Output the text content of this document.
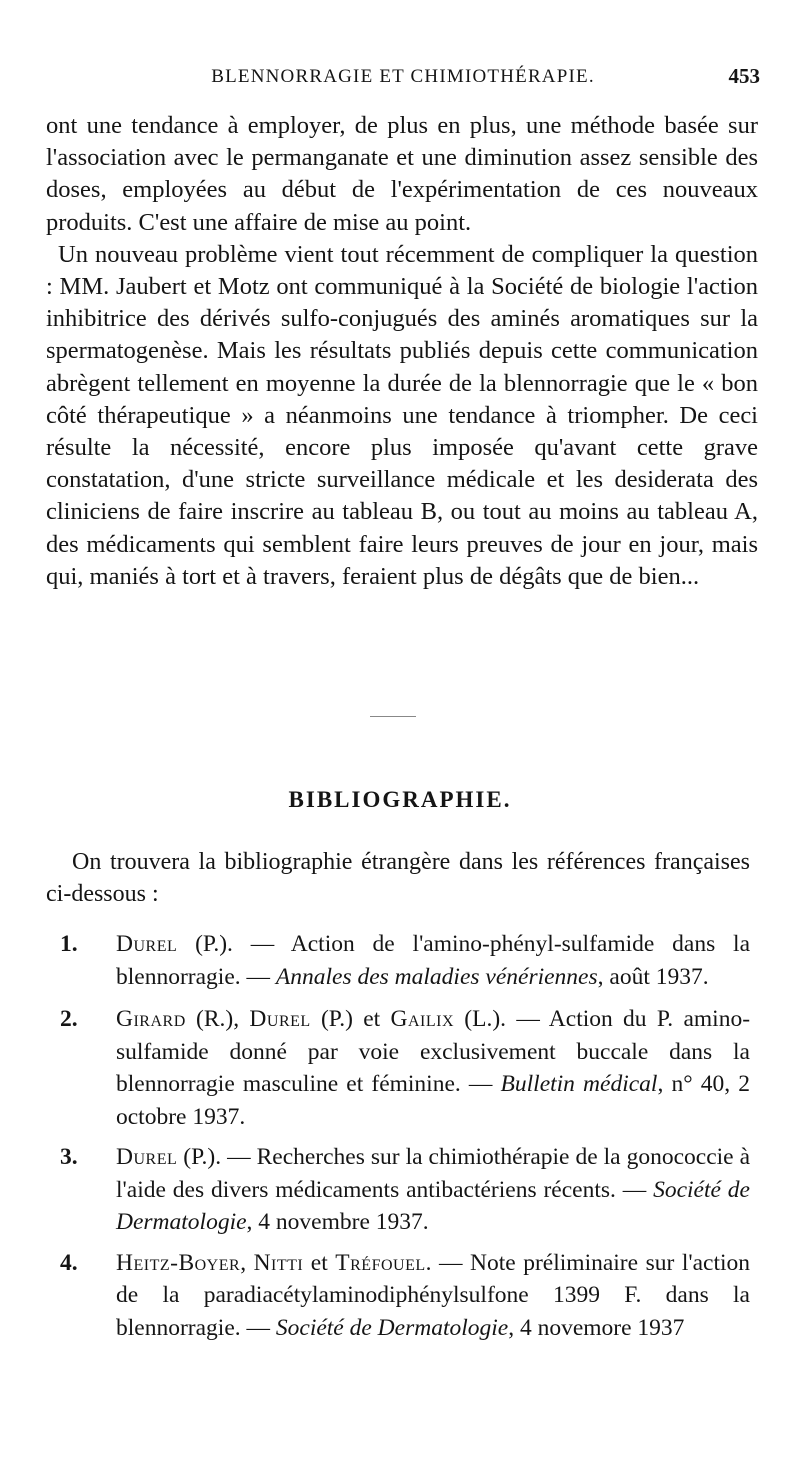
BLENNORRAGIE ET CHIMIOTHÉRAPIE.	453

ont une tendance à employer, de plus en plus, une méthode basée sur l'association avec le permanganate et une diminution assez sensible des doses, employées au début de l'expérimentation de ces nouveaux produits. C'est une affaire de mise au point.

Un nouveau problème vient tout récemment de compliquer la question : MM. Jaubert et Motz ont communiqué à la Société de biologie l'action inhibitrice des dérivés sulfo-conjugués des aminés aromatiques sur la spermatogenèse. Mais les résultats publiés depuis cette communication abrègent tellement en moyenne la durée de la blennorragie que le « bon côté thérapeutique » a néanmoins une tendance à triompher. De ceci résulte la nécessité, encore plus imposée qu'avant cette grave constatation, d'une stricte surveillance médicale et les desiderata des cliniciens de faire inscrire au tableau B, ou tout au moins au tableau A, des médicaments qui semblent faire leurs preuves de jour en jour, mais qui, maniés à tort et à travers, feraient plus de dégâts que de bien...

BIBLIOGRAPHIE.
On trouvera la bibliographie étrangère dans les références françaises ci-dessous :
1. Durel (P.). — Action de l'amino-phényl-sulfamide dans la blennorragie. — Annales des maladies vénériennes, août 1937.
2. Girard (R.), Durel (P.) et Gailix (L.). — Action du P. amino-sulfamide donné par voie exclusivement buccale dans la blennorragie masculine et féminine. — Bulletin médical, n° 40, 2 octobre 1937.
3. Durel (P.). — Recherches sur la chimiothérapie de la gonococcie à l'aide des divers médicaments antibactériens récents. — Société de Dermatologie, 4 novembre 1937.
4. Heitz-Boyer, Nitti et Tréfouel. — Note préliminaire sur l'action de la paradiacétylaminodiphénylsulfone 1399 F. dans la blennorragie. — Société de Dermatologie, 4 novemore 1937
